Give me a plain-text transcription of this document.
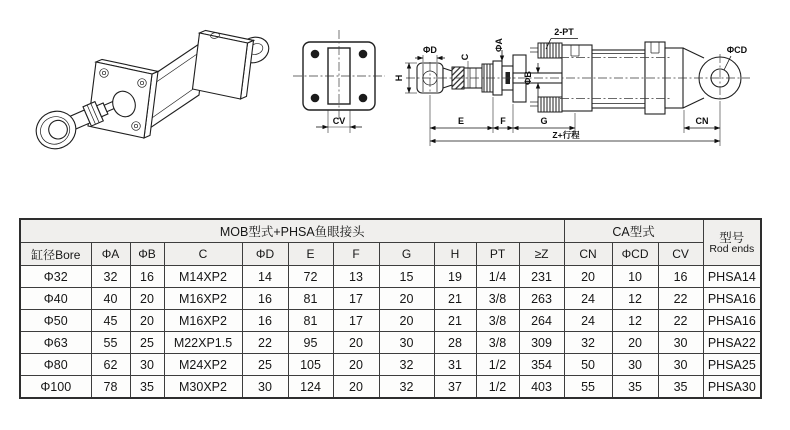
CV
H
ΦD
C
ΦA
ΦB
2-PT
ΦCD
E	F	G	CN
Z+行程
MOB型式+PHSA鱼眼接头											CA型式			型号
Rod ends

缸径Bore	ΦA	ΦB	C	ΦD	E	F	G	H	PT	≥Z	CN	ΦCD	CV	
Φ32	32	16	M14XP2	14	72	13	15	19	1/4	231	20	10	16	PHSA14
Φ40	40	20	M16XP2	16	81	17	20	21	3/8	263	24	12	22	PHSA16
Φ50	45	20	M16XP2	16	81	17	20	21	3/8	264	24	12	22	PHSA16
Φ63	55	25	M22XP1.5	22	95	20	30	28	3/8	309	32	20	30	PHSA22
Φ80	62	30	M24XP2	25	105	20	32	31	1/2	354	50	30	30	PHSA25
Φ100	78	35	M30XP2	30	124	20	32	37	1/2	403	55	35	35	PHSA30
